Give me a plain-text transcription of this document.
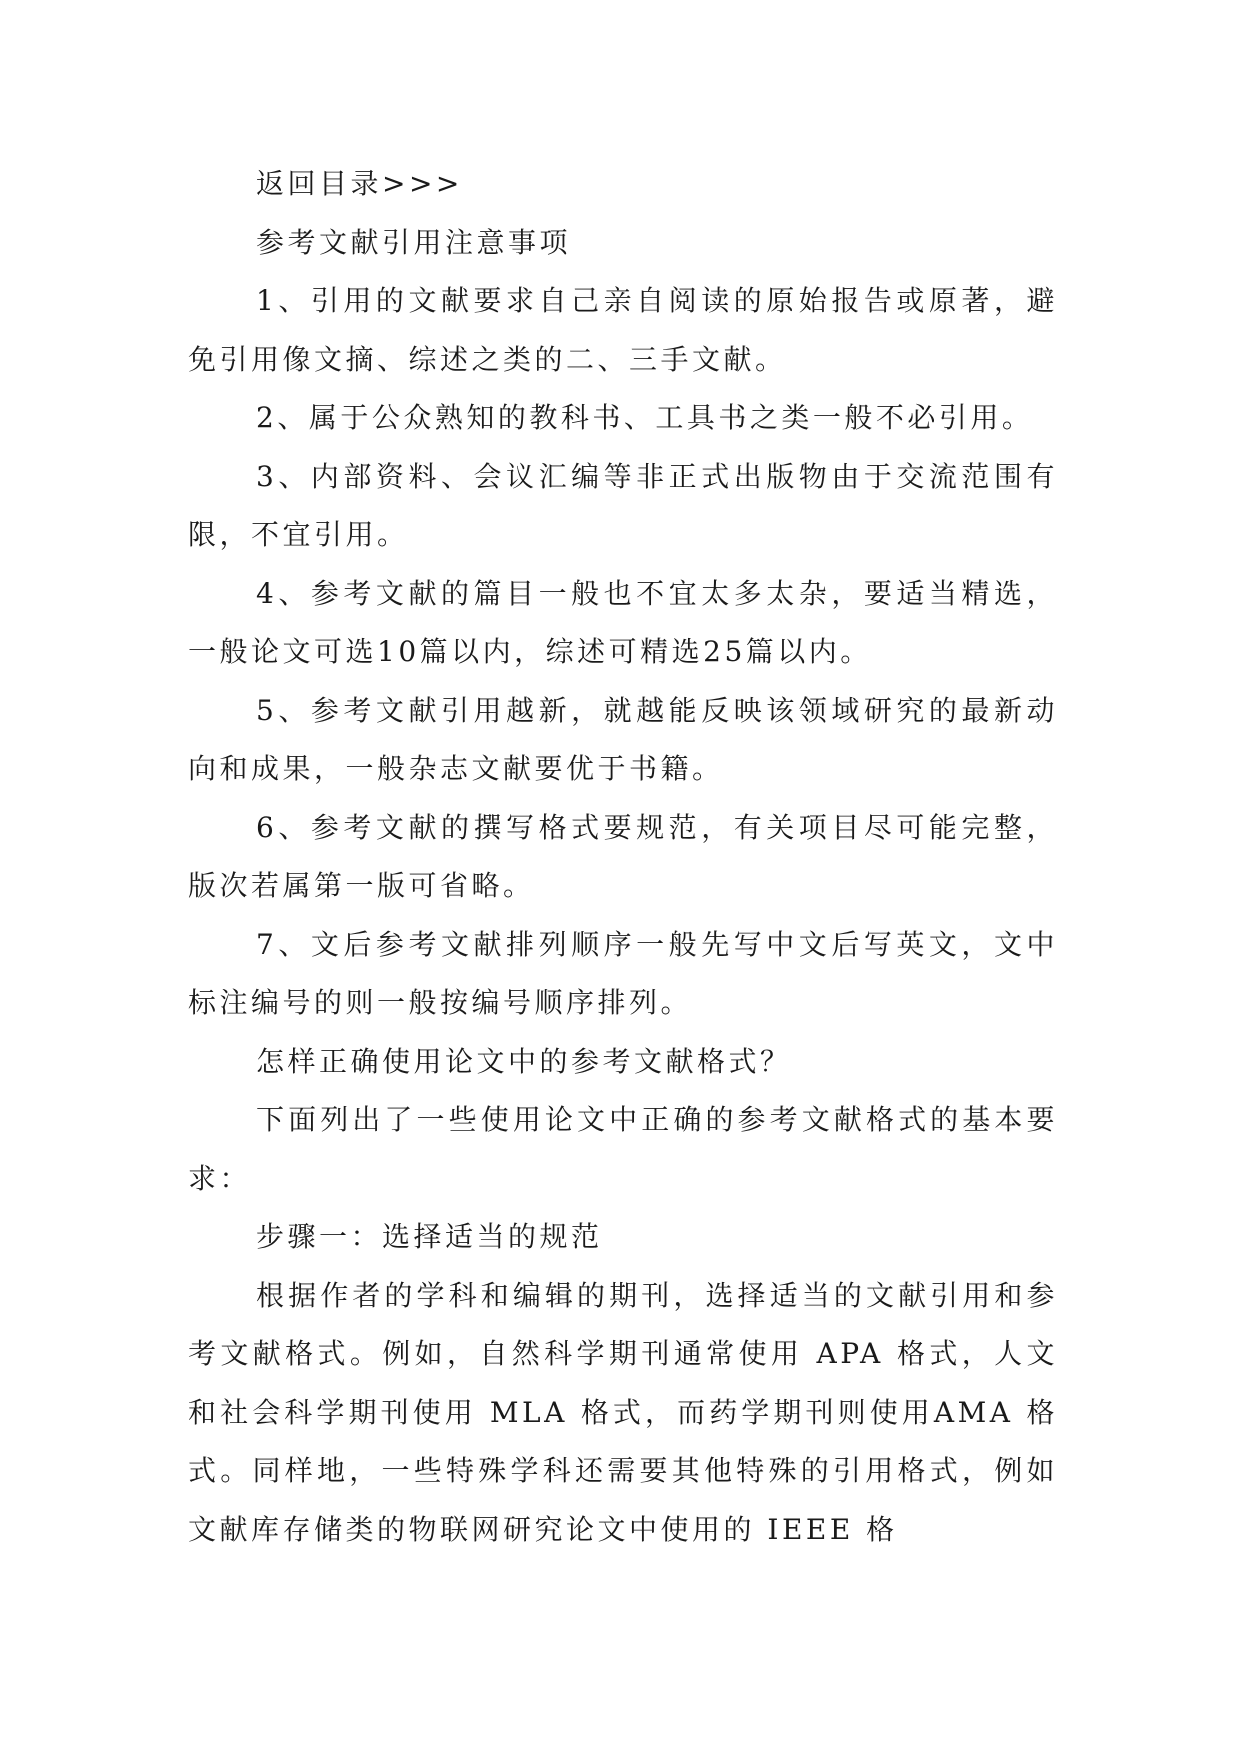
返回目录>>>

参考文献引用注意事项

1、引用的文献要求自己亲自阅读的原始报告或原著，避免引用像文摘、综述之类的二、三手文献。

2、属于公众熟知的教科书、工具书之类一般不必引用。

3、内部资料、会议汇编等非正式出版物由于交流范围有限，不宜引用。

4、参考文献的篇目一般也不宜太多太杂，要适当精选，一般论文可选10篇以内，综述可精选25篇以内。

5、参考文献引用越新，就越能反映该领域研究的最新动向和成果，一般杂志文献要优于书籍。

6、参考文献的撰写格式要规范，有关项目尽可能完整，版次若属第一版可省略。

7、文后参考文献排列顺序一般先写中文后写英文，文中标注编号的则一般按编号顺序排列。

怎样正确使用论文中的参考文献格式？

下面列出了一些使用论文中正确的参考文献格式的基本要求：

步骤一：选择适当的规范

根据作者的学科和编辑的期刊，选择适当的文献引用和参考文献格式。例如，自然科学期刊通常使用 APA 格式，人文和社会科学期刊使用 MLA 格式，而药学期刊则使用AMA 格式。同样地，一些特殊学科还需要其他特殊的引用格式，例如文献库存储类的物联网研究论文中使用的 IEEE 格
